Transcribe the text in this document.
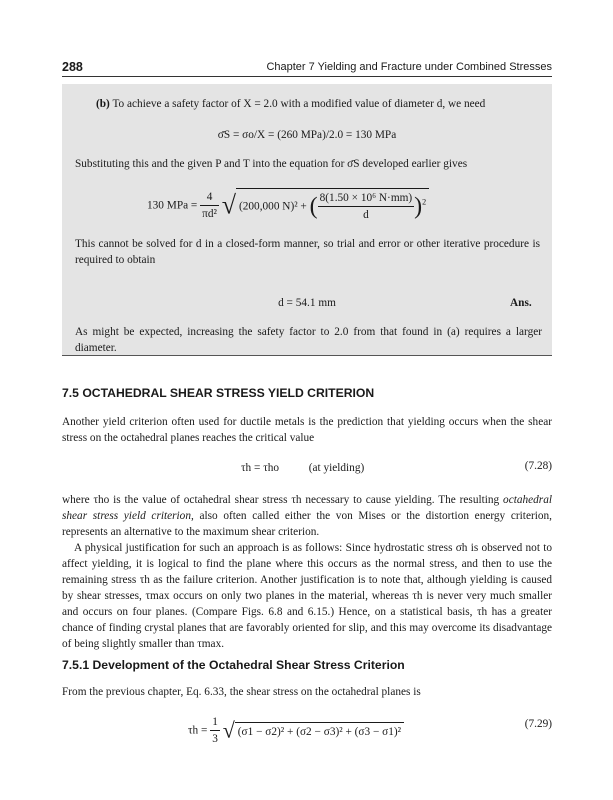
288	Chapter 7 Yielding and Fracture under Combined Stresses
(b) To achieve a safety factor of X = 2.0 with a modified value of diameter d, we need
σ̄S = σo/X = (260 MPa)/2.0 = 130 MPa
Substituting this and the given P and T into the equation for σ̄S developed earlier gives
130 MPa = $\frac{4}{\text{πd²}}$ √ (200,000 N)² + ( $\frac{\text{8(1.50 × 10⁶ N·mm)}}{d} )^2$
This cannot be solved for d in a closed-form manner, so trial and error or other iterative procedure is required to obtain
d = 54.1 mm	Ans.
As might be expected, increasing the safety factor to 2.0 from that found in (a) requires a larger diameter.
7.5 OCTAHEDRAL SHEAR STRESS YIELD CRITERION
Another yield criterion often used for ductile metals is the prediction that yielding occurs when the shear stress on the octahedral planes reaches the critical value
τh = τho	(at yielding)	(7.28)
where τho is the value of octahedral shear stress τh necessary to cause yielding. The resulting octahedral shear stress yield criterion, also often called either the von Mises or the distortion energy criterion, represents an alternative to the maximum shear criterion.
A physical justification for such an approach is as follows: Since hydrostatic stress σh is observed not to affect yielding, it is logical to find the plane where this occurs as the normal stress, and then to use the remaining stress τh as the failure criterion. Another justification is to note that, although yielding is caused by shear stresses, τmax occurs on only two planes in the material, whereas τh is never very much smaller and occurs on four planes. (Compare Figs. 6.8 and 6.15.) Hence, on a statistical basis, τh has a greater chance of finding crystal planes that are favorably oriented for slip, and this may overcome its disadvantage of being slightly smaller than τmax.
7.5.1 Development of the Octahedral Shear Stress Criterion
From the previous chapter, Eq. 6.33, the shear stress on the octahedral planes is
$\tau h = \frac{1}{3}$ √ (σ1 − σ2)² + (σ2 − σ3)² + (σ3 − σ1)²
(7.29)
